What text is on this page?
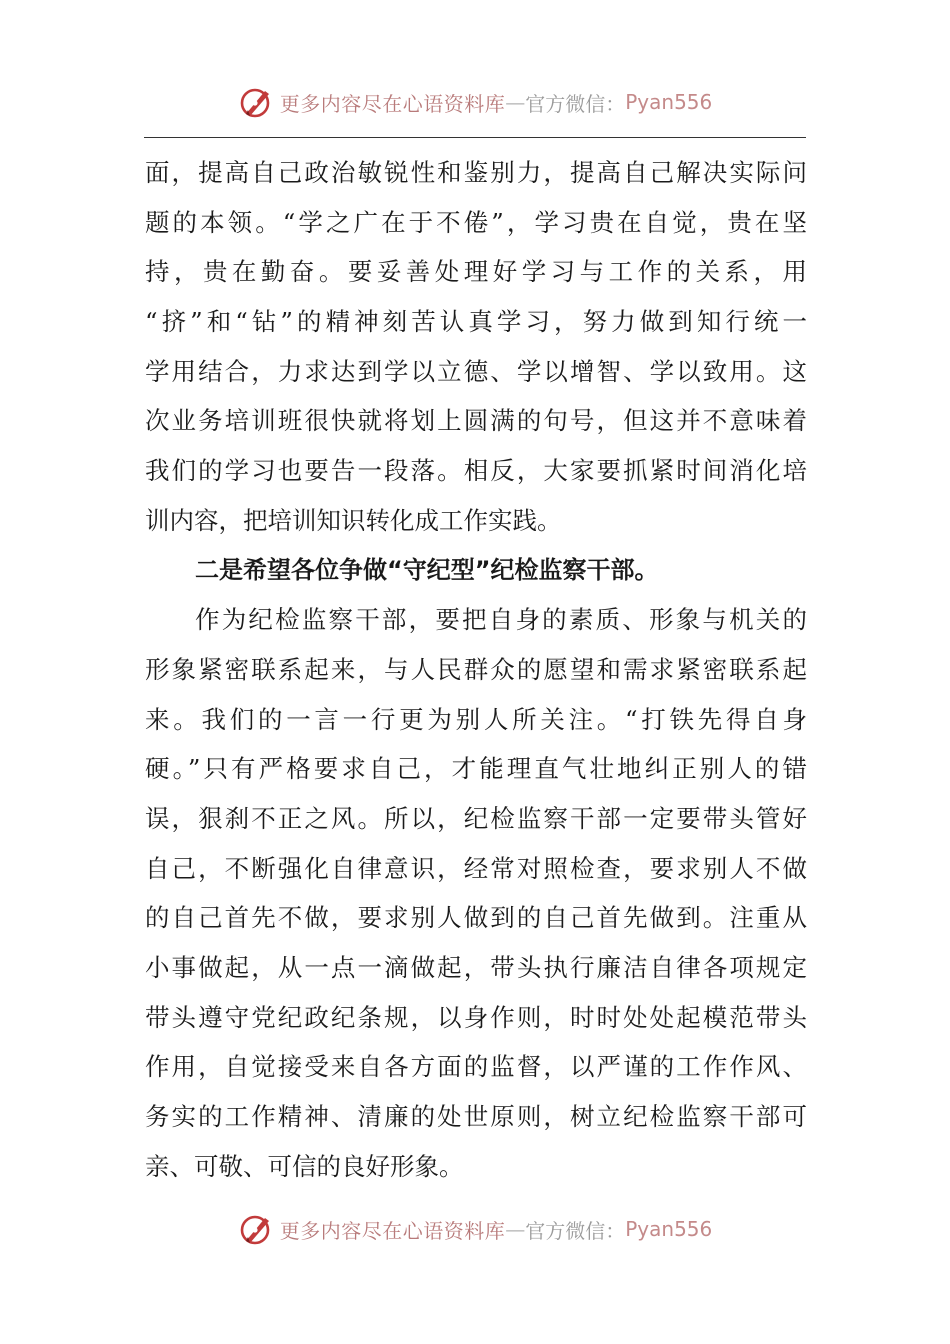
更多内容尽在心语资料库 — 官方微信： Pyan556
面，提高自己政治敏锐性和鉴别力，提高自己解决实际问
题的本领。“学之广在于不倦”，学习贵在自觉，贵在坚
持，贵在勤奋。要妥善处理好学习与工作的关系，用
“挤”和“钻”的精神刻苦认真学习，努力做到知行统一
学用结合，力求达到学以立德、学以增智、学以致用。这
次业务培训班很快就将划上圆满的句号，但这并不意味着
我们的学习也要告一段落。相反，大家要抓紧时间消化培
训内容，把培训知识转化成工作实践。
二是希望各位争做“守纪型”纪检监察干部。
作为纪检监察干部，要把自身的素质、形象与机关的
形象紧密联系起来，与人民群众的愿望和需求紧密联系起
来。我们的一言一行更为别人所关注。“打铁先得自身
硬。”只有严格要求自己，才能理直气壮地纠正别人的错
误，狠刹不正之风。所以，纪检监察干部一定要带头管好
自己，不断强化自律意识，经常对照检查，要求别人不做
的自己首先不做，要求别人做到的自己首先做到。注重从
小事做起，从一点一滴做起，带头执行廉洁自律各项规定
带头遵守党纪政纪条规，以身作则，时时处处起模范带头
作用，自觉接受来自各方面的监督，以严谨的工作作风、
务实的工作精神、清廉的处世原则，树立纪检监察干部可
亲、可敬、可信的良好形象。
更多内容尽在心语资料库 — 官方微信： Pyan556
